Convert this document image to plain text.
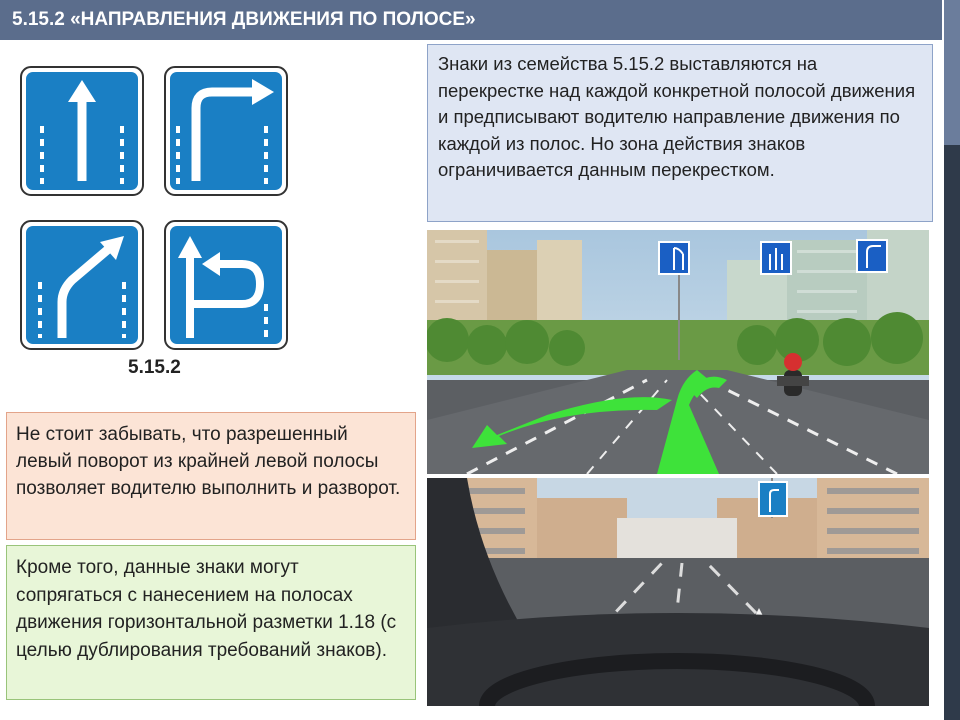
5.15.2 «НАПРАВЛЕНИЯ ДВИЖЕНИЯ ПО ПОЛОСЕ»
5.15.2
Знаки из семейства 5.15.2 выставляются на перекрестке над каждой конкретной полосой движения и предписывают водителю направление движения по каждой из полос. Но зона действия знаков ограничивается данным перекрестком.
Не стоит забывать, что разрешенный левый поворот из крайней левой полосы позволяет водителю выполнить и разворот.
Кроме того, данные знаки могут сопрягаться с нанесением на полосах движения горизонтальной разметки 1.18 (с целью дублирования требований знаков).
